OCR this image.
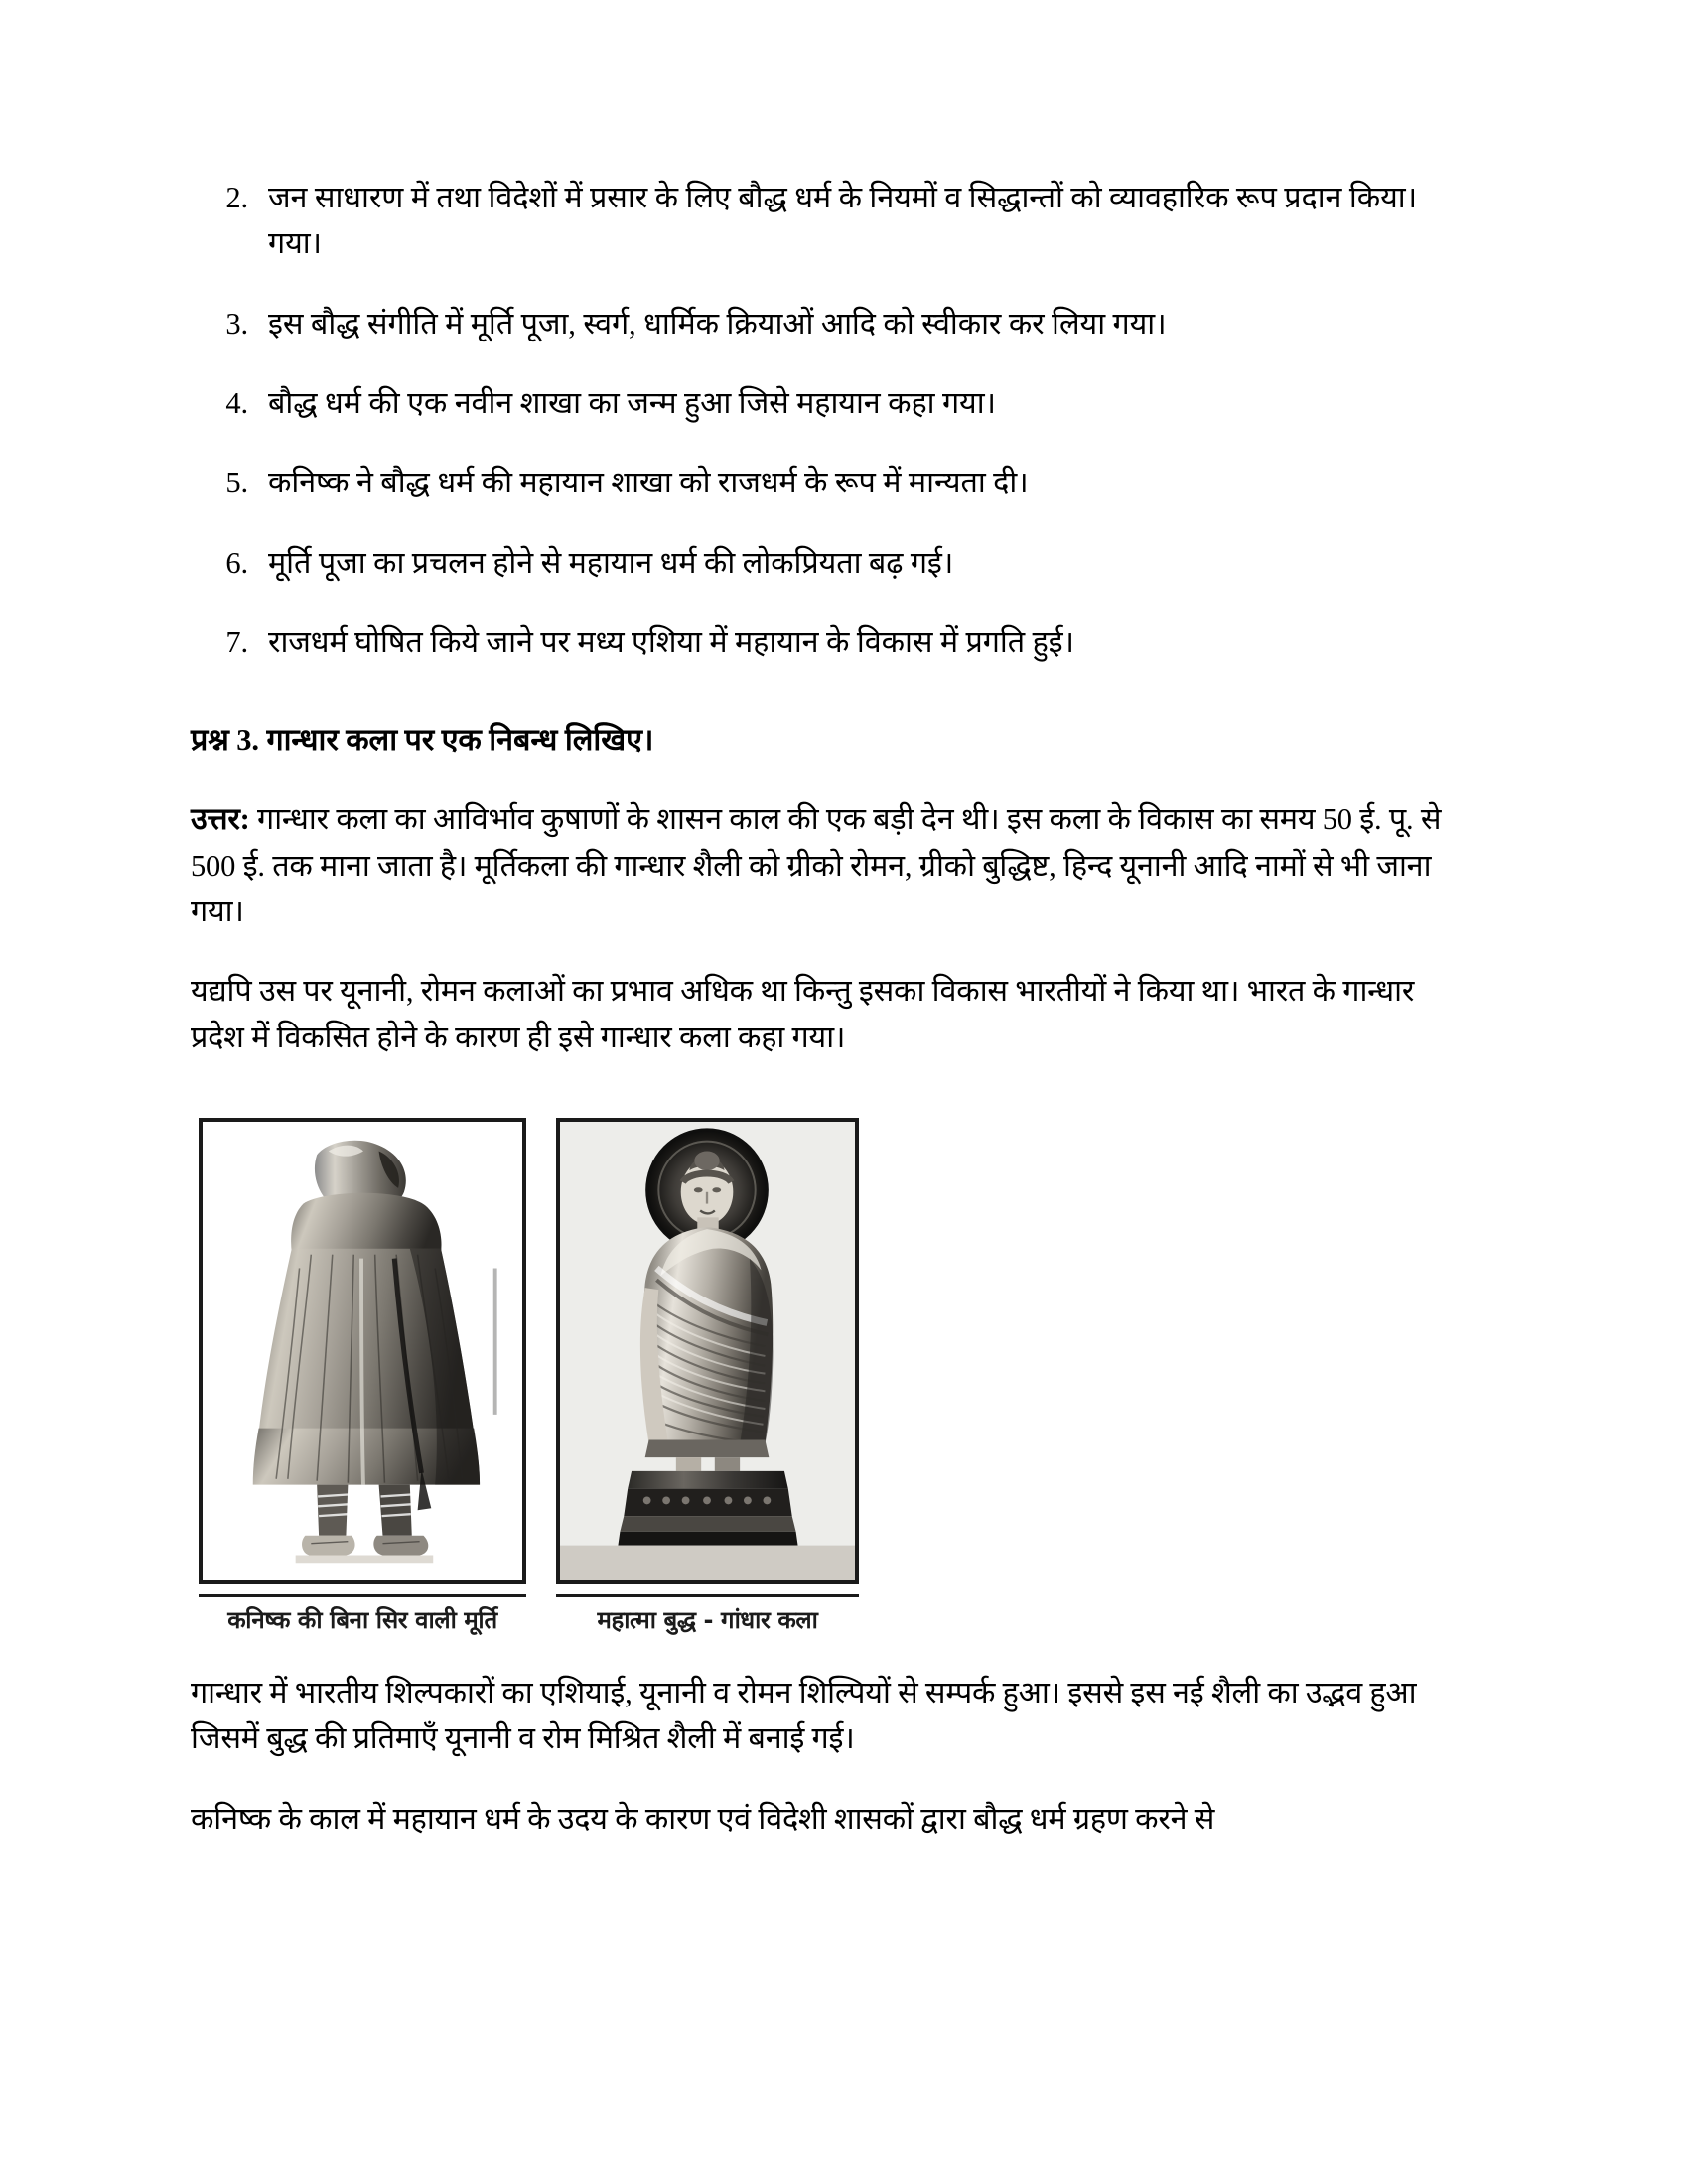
2. जन साधारण में तथा विदेशों में प्रसार के लिए बौद्ध धर्म के नियमों व सिद्धान्तों को व्यावहारिक रूप प्रदान किया। गया।
3. इस बौद्ध संगीति में मूर्ति पूजा, स्वर्ग, धार्मिक क्रियाओं आदि को स्वीकार कर लिया गया।
4. बौद्ध धर्म की एक नवीन शाखा का जन्म हुआ जिसे महायान कहा गया।
5. कनिष्क ने बौद्ध धर्म की महायान शाखा को राजधर्म के रूप में मान्यता दी।
6. मूर्ति पूजा का प्रचलन होने से महायान धर्म की लोकप्रियता बढ़ गई।
7. राजधर्म घोषित किये जाने पर मध्य एशिया में महायान के विकास में प्रगति हुई।
प्रश्न 3. गान्धार कला पर एक निबन्ध लिखिए।

उत्तर: गान्धार कला का आविर्भाव कुषाणों के शासन काल की एक बड़ी देन थी। इस कला के विकास का समय 50 ई. पू. से 500 ई. तक माना जाता है। मूर्तिकला की गान्धार शैली को ग्रीको रोमन, ग्रीको बुद्धिष्ट, हिन्द यूनानी आदि नामों से भी जाना गया।

यद्यपि उस पर यूनानी, रोमन कलाओं का प्रभाव अधिक था किन्तु इसका विकास भारतीयों ने किया था। भारत के गान्धार प्रदेश में विकसित होने के कारण ही इसे गान्धार कला कहा गया।

कनिष्क की बिना सिर वाली मूर्ति	महात्मा बुद्ध - गांधार कला

गान्धार में भारतीय शिल्पकारों का एशियाई, यूनानी व रोमन शिल्पियों से सम्पर्क हुआ। इससे इस नई शैली का उद्भव हुआ जिसमें बुद्ध की प्रतिमाएँ यूनानी व रोम मिश्रित शैली में बनाई गई।

कनिष्क के काल में महायान धर्म के उदय के कारण एवं विदेशी शासकों द्वारा बौद्ध धर्म ग्रहण करने से
